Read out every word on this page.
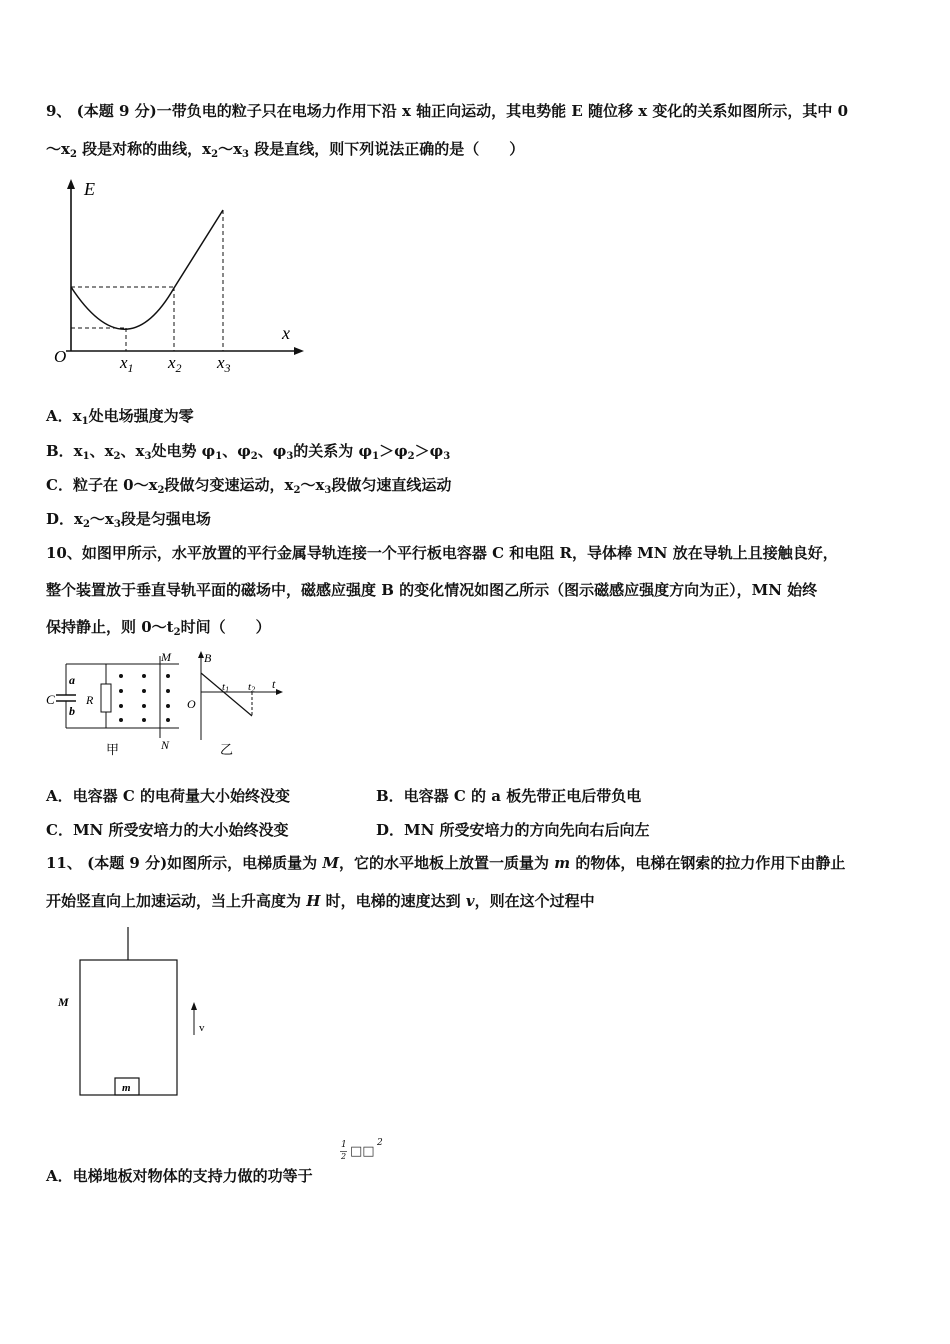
9、 (本题 9 分)一带负电的粒子只在电场力作用下沿 x 轴正向运动，其电势能 E 随位移 x 变化的关系如图所示，其中 0
$\sim x_2$ 段是对称的曲线，$x_2\sim x_3$ 段是直线，则下列说法正确的是（　　）
E
x
O	$x_1$ $x_2$ $x_3$
A．$x_1$处电场强度为零
B．$x_1$、$x_2$、$x_3$处电势 $\varphi_1$、$\varphi_2$、$\varphi_3$的关系为 $\varphi_1>\varphi_2>\varphi_3$
C．粒子在 $0\sim x_2$段做匀变速运动，$x_2\sim x_3$段做匀速直线运动
D．$x_2\sim x_3$段是匀强电场
10、如图甲所示，水平放置的平行金属导轨连接一个平行板电容器 C 和电阻 R，导体棒 MN 放在导轨上且接触良好，
整个装置放于垂直导轨平面的磁场中，磁感应强度 B 的变化情况如图乙所示（图示磁感应强度方向为正），MN 始终
保持静止，则 $0\sim t_2$时间（　　）
C
a
b
R
M
N
甲
B
O
t1 t2 t
乙
A．电容器 C 的电荷量大小始终没变	B．电容器 C 的 a 板先带正电后带负电
C．MN 所受安培力的大小始终没变	D．MN 所受安培力的方向先向右后向左
11、 (本题 9 分)如图所示，电梯质量为 M，它的水平地板上放置一质量为 m 的物体，电梯在钢索的拉力作用下由静止
开始竖直向上加速运动，当上升高度为 H 时，电梯的速度达到 v，则在这个过程中
M
m
v
A．电梯地板对物体的支持力做的功等于
1
2 □□
2
